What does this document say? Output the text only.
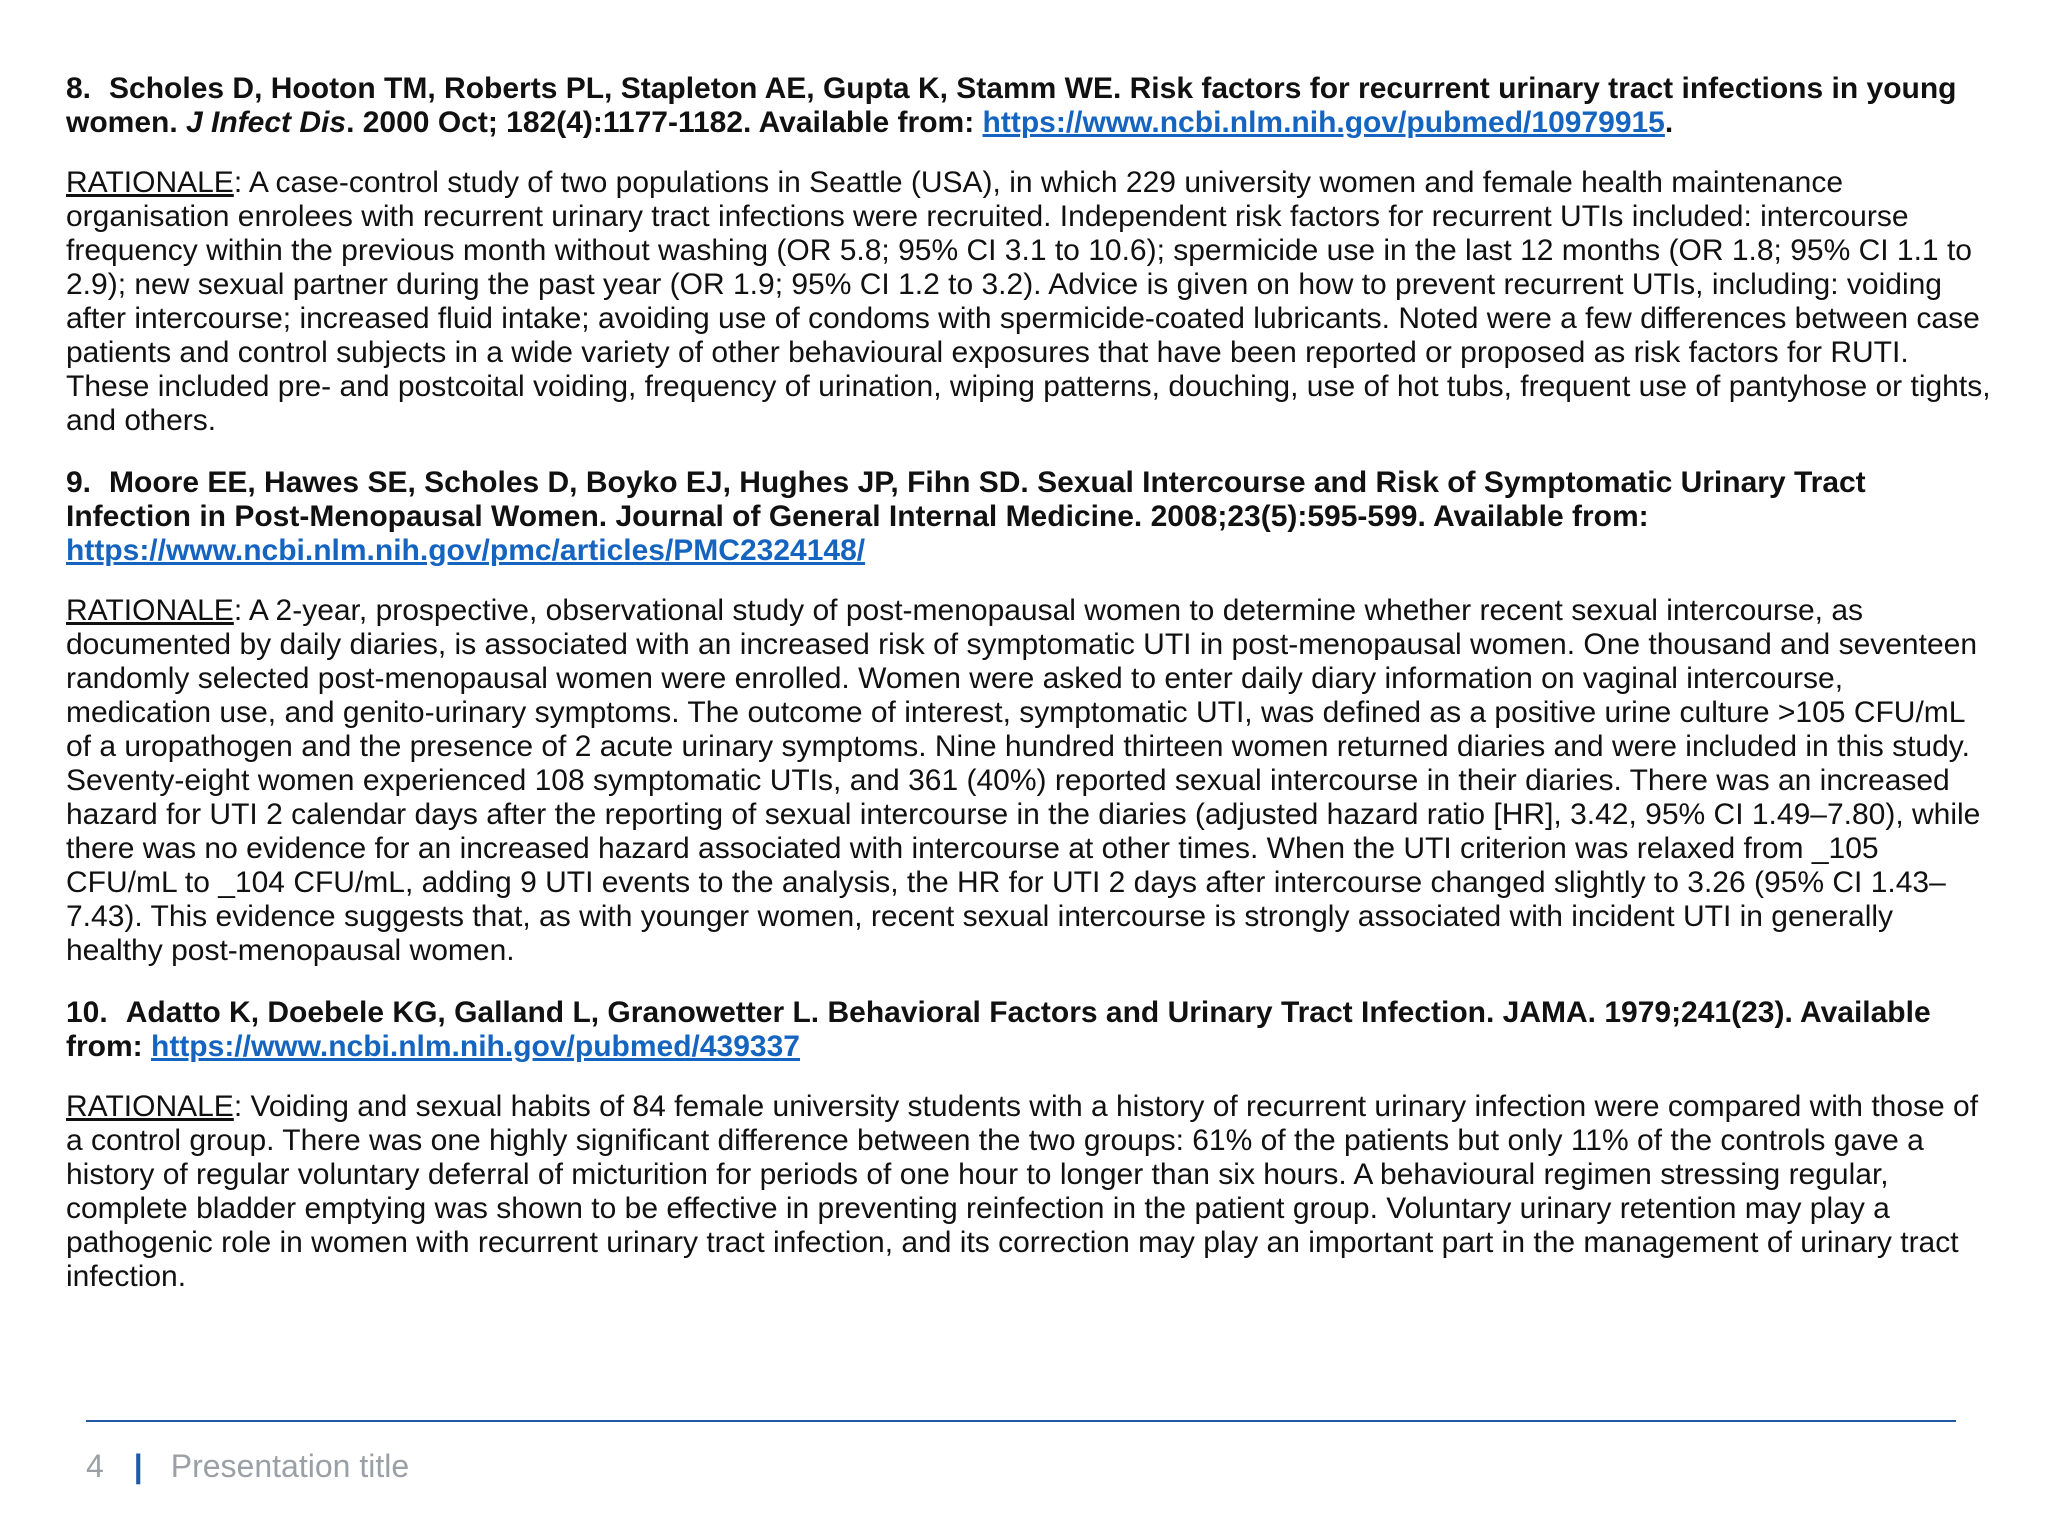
8. Scholes D, Hooton TM, Roberts PL, Stapleton AE, Gupta K, Stamm WE. Risk factors for recurrent urinary tract infections in young women. J Infect Dis. 2000 Oct; 182(4):1177-1182. Available from: https://www.ncbi.nlm.nih.gov/pubmed/10979915.

RATIONALE: A case-control study of two populations in Seattle (USA), in which 229 university women and female health maintenance organisation enrolees with recurrent urinary tract infections were recruited. Independent risk factors for recurrent UTIs included: intercourse frequency within the previous month without washing (OR 5.8; 95% CI 3.1 to 10.6); spermicide use in the last 12 months (OR 1.8; 95% CI 1.1 to 2.9); new sexual partner during the past year (OR 1.9; 95% CI 1.2 to 3.2). Advice is given on how to prevent recurrent UTIs, including: voiding after intercourse; increased fluid intake; avoiding use of condoms with spermicide-coated lubricants. Noted were a few differences between case patients and control subjects in a wide variety of other behavioural exposures that have been reported or proposed as risk factors for RUTI. These included pre- and postcoital voiding, frequency of urination, wiping patterns, douching, use of hot tubs, frequent use of pantyhose or tights, and others.

9. Moore EE, Hawes SE, Scholes D, Boyko EJ, Hughes JP, Fihn SD. Sexual Intercourse and Risk of Symptomatic Urinary Tract Infection in Post-Menopausal Women. Journal of General Internal Medicine. 2008;23(5):595-599. Available from: https://www.ncbi.nlm.nih.gov/pmc/articles/PMC2324148/

RATIONALE: A 2-year, prospective, observational study of post-menopausal women to determine whether recent sexual intercourse, as documented by daily diaries, is associated with an increased risk of symptomatic UTI in post-menopausal women. One thousand and seventeen randomly selected post-menopausal women were enrolled. Women were asked to enter daily diary information on vaginal intercourse, medication use, and genito-urinary symptoms. The outcome of interest, symptomatic UTI, was defined as a positive urine culture >105 CFU/mL of a uropathogen and the presence of 2 acute urinary symptoms. Nine hundred thirteen women returned diaries and were included in this study. Seventy-eight women experienced 108 symptomatic UTIs, and 361 (40%) reported sexual intercourse in their diaries. There was an increased hazard for UTI 2 calendar days after the reporting of sexual intercourse in the diaries (adjusted hazard ratio [HR], 3.42, 95% CI 1.49–7.80), while there was no evidence for an increased hazard associated with intercourse at other times. When the UTI criterion was relaxed from _105 CFU/mL to _104 CFU/mL, adding 9 UTI events to the analysis, the HR for UTI 2 days after intercourse changed slightly to 3.26 (95% CI 1.43–7.43). This evidence suggests that, as with younger women, recent sexual intercourse is strongly associated with incident UTI in generally healthy post-menopausal women.

10. Adatto K, Doebele KG, Galland L, Granowetter L. Behavioral Factors and Urinary Tract Infection. JAMA. 1979;241(23). Available from: https://www.ncbi.nlm.nih.gov/pubmed/439337

RATIONALE: Voiding and sexual habits of 84 female university students with a history of recurrent urinary infection were compared with those of a control group. There was one highly significant difference between the two groups: 61% of the patients but only 11% of the controls gave a history of regular voluntary deferral of micturition for periods of one hour to longer than six hours. A behavioural regimen stressing regular, complete bladder emptying was shown to be effective in preventing reinfection in the patient group. Voluntary urinary retention may play a pathogenic role in women with recurrent urinary tract infection, and its correction may play an important part in the management of urinary tract infection.

4 | Presentation title
